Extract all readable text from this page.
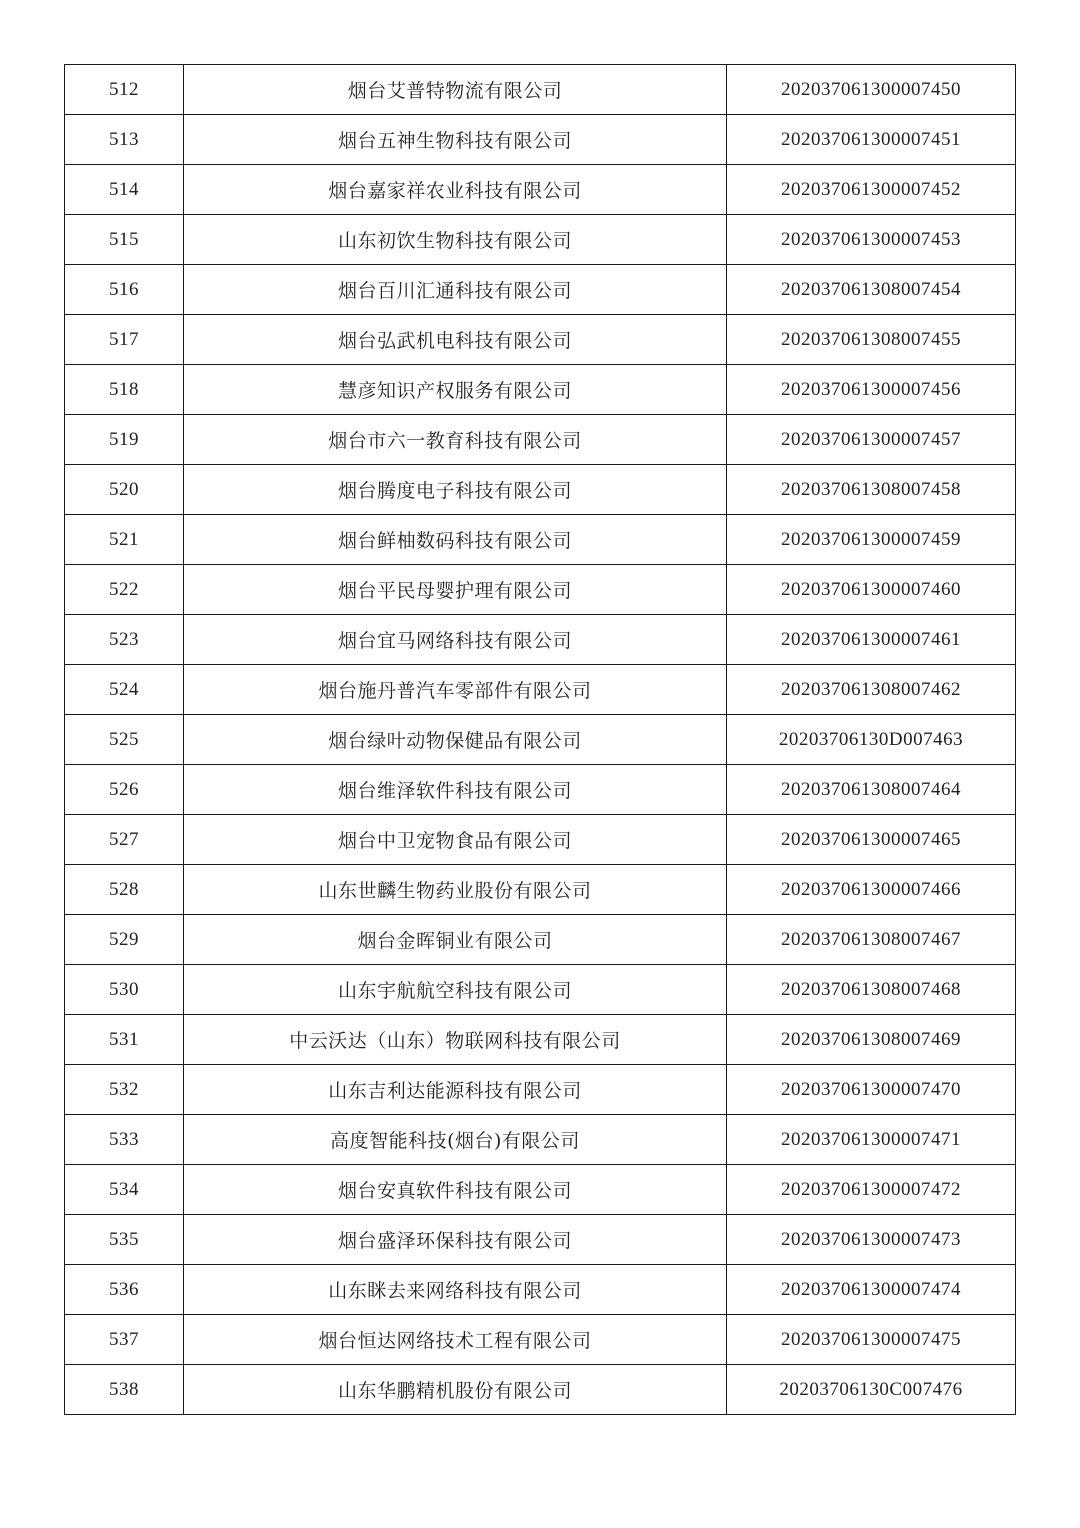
512	烟台艾普特物流有限公司	202037061300007450
513	烟台五神生物科技有限公司	202037061300007451
514	烟台嘉家祥农业科技有限公司	202037061300007452
515	山东初饮生物科技有限公司	202037061300007453
516	烟台百川汇通科技有限公司	202037061308007454
517	烟台弘武机电科技有限公司	202037061308007455
518	慧彦知识产权服务有限公司	202037061300007456
519	烟台市六一教育科技有限公司	202037061300007457
520	烟台腾度电子科技有限公司	202037061308007458
521	烟台鲜柚数码科技有限公司	202037061300007459
522	烟台平民母婴护理有限公司	202037061300007460
523	烟台宜马网络科技有限公司	202037061300007461
524	烟台施丹普汽车零部件有限公司	202037061308007462
525	烟台绿叶动物保健品有限公司	20203706130D007463
526	烟台维泽软件科技有限公司	202037061308007464
527	烟台中卫宠物食品有限公司	202037061300007465
528	山东世麟生物药业股份有限公司	202037061300007466
529	烟台金晖铜业有限公司	202037061308007467
530	山东宇航航空科技有限公司	202037061308007468
531	中云沃达（山东）物联网科技有限公司	202037061308007469
532	山东吉利达能源科技有限公司	202037061300007470
533	高度智能科技(烟台)有限公司	202037061300007471
534	烟台安真软件科技有限公司	202037061300007472
535	烟台盛泽环保科技有限公司	202037061300007473
536	山东眯去来网络科技有限公司	202037061300007474
537	烟台恒达网络技术工程有限公司	202037061300007475
538	山东华鹏精机股份有限公司	20203706130C007476
